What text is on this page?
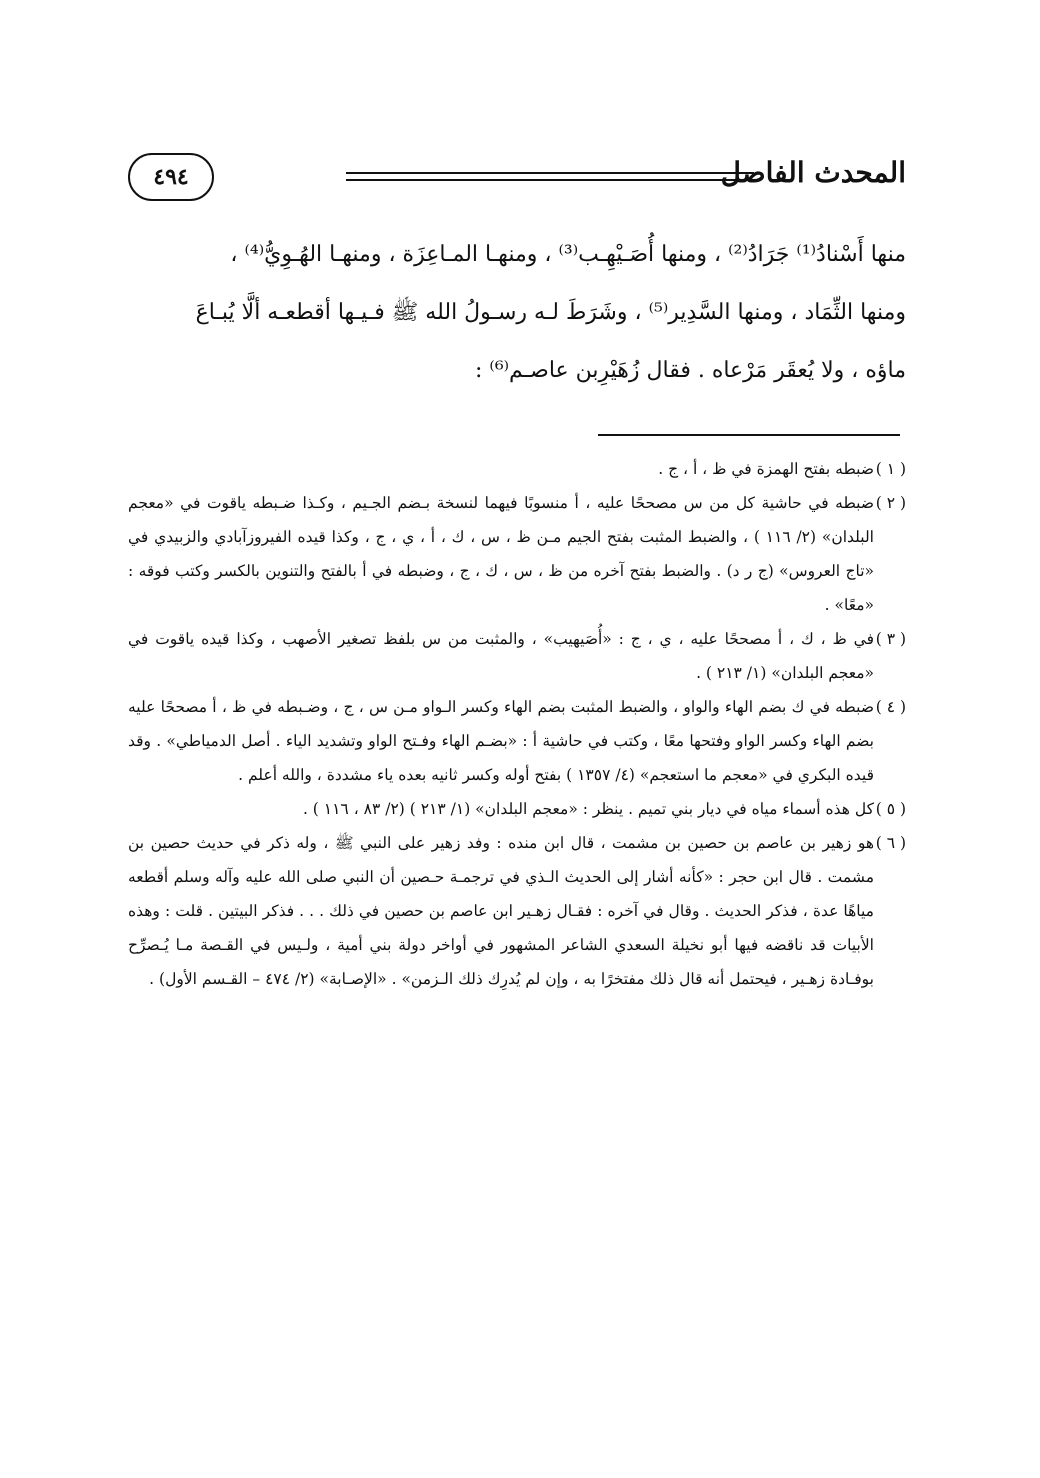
٤٩٤	المحدث الفاصل

منها أَسْنادُ⁽¹⁾ جَرَادُ⁽²⁾ ، ومنها أُصَـيْهِـب⁽³⁾ ، ومنهـا المـاعِزَة ، ومنهـا الهُـوِيُّ⁽⁴⁾ ،

ومنها الثِّمَاد ، ومنها السَّدِير⁽⁵⁾ ، وشَرَطَ لـه رسـولُ الله ﷺ فـيـها أقطعـه ألَّا يُبـاعَ

ماؤه ، ولا يُعقَر مَرْعاه . فقال زُهَيْرِبن عاصـم⁽⁶⁾ :

( ١ )
ضبطه بفتح الهمزة في ظ ، أ ، ج .

( ٢ )
ضبطه في حاشية كل من س مصححًا عليه ، أ منسوبًا فيهما لنسخة بـضم الجـيم ، وكـذا ضـبطه ياقوت في «معجم البلدان» (٢/ ١١٦ ) ، والضبط المثبت بفتح الجيم مـن ظ ، س ، ك ، أ ، ي ، ج ، وكذا قيده الفيروزآبادي والزبيدي في «تاج العروس» (ج ر د) . والضبط بفتح آخره من ظ ، س ، ك ، ج ، وضبطه في أ بالفتح والتنوين بالكسر وكتب فوقه : «معًا» .

( ٣ )
في ظ ، ك ، أ مصححًا عليه ، ي ، ج : «أُصَيهيب» ، والمثبت من س بلفظ تصغير الأصهب ، وكذا قيده ياقوت في «معجم البلدان» (١/ ٢١٣ ) .

( ٤ )
ضبطه في ك بضم الهاء والواو ، والضبط المثبت بضم الهاء وكسر الـواو مـن س ، ج ، وضـبطه في ظ ، أ مصححًا عليه بضم الهاء وكسر الواو وفتحها معًا ، وكتب في حاشية أ : «بضـم الهاء وفـتح الواو وتشديد الياء . أصل الدمياطي» . وقد قيده البكري في «معجم ما استعجم» (٤/ ١٣٥٧ ) بفتح أوله وكسر ثانيه بعده ياء مشددة ، والله أعلم .

( ٥ )
كل هذه أسماء مياه في ديار بني تميم . ينظر : «معجم البلدان» (١/ ٢١٣ ) (٢/ ٨٣ ، ١١٦ ) .

( ٦ )
هو زهير بن عاصم بن حصين بن مشمت ، قال ابن منده : وفد زهير على النبي ﷺ ، وله ذكر في حديث حصين بن مشمت . قال ابن حجر : «كأنه أشار إلى الحديث الـذي في ترجمـة حـصين أن النبي صلى الله عليه وآله وسلم أقطعه مياهًا عدة ، فذكر الحديث . وقال في آخره : فقـال زهـير ابن عاصم بن حصين في ذلك . . . فذكر البيتين . قلت : وهذه الأبيات قد ناقضه فيها أبو نخيلة السعدي الشاعر المشهور في أواخر دولة بني أمية ، ولـيس في القـصة مـا يُـصرِّح بوفـادة زهـير ، فيحتمل أنه قال ذلك مفتخرًا به ، وإن لم يُدرِك ذلك الـزمن» . «الإصـابة» (٢/ ٤٧٤ – القـسم الأول) .
